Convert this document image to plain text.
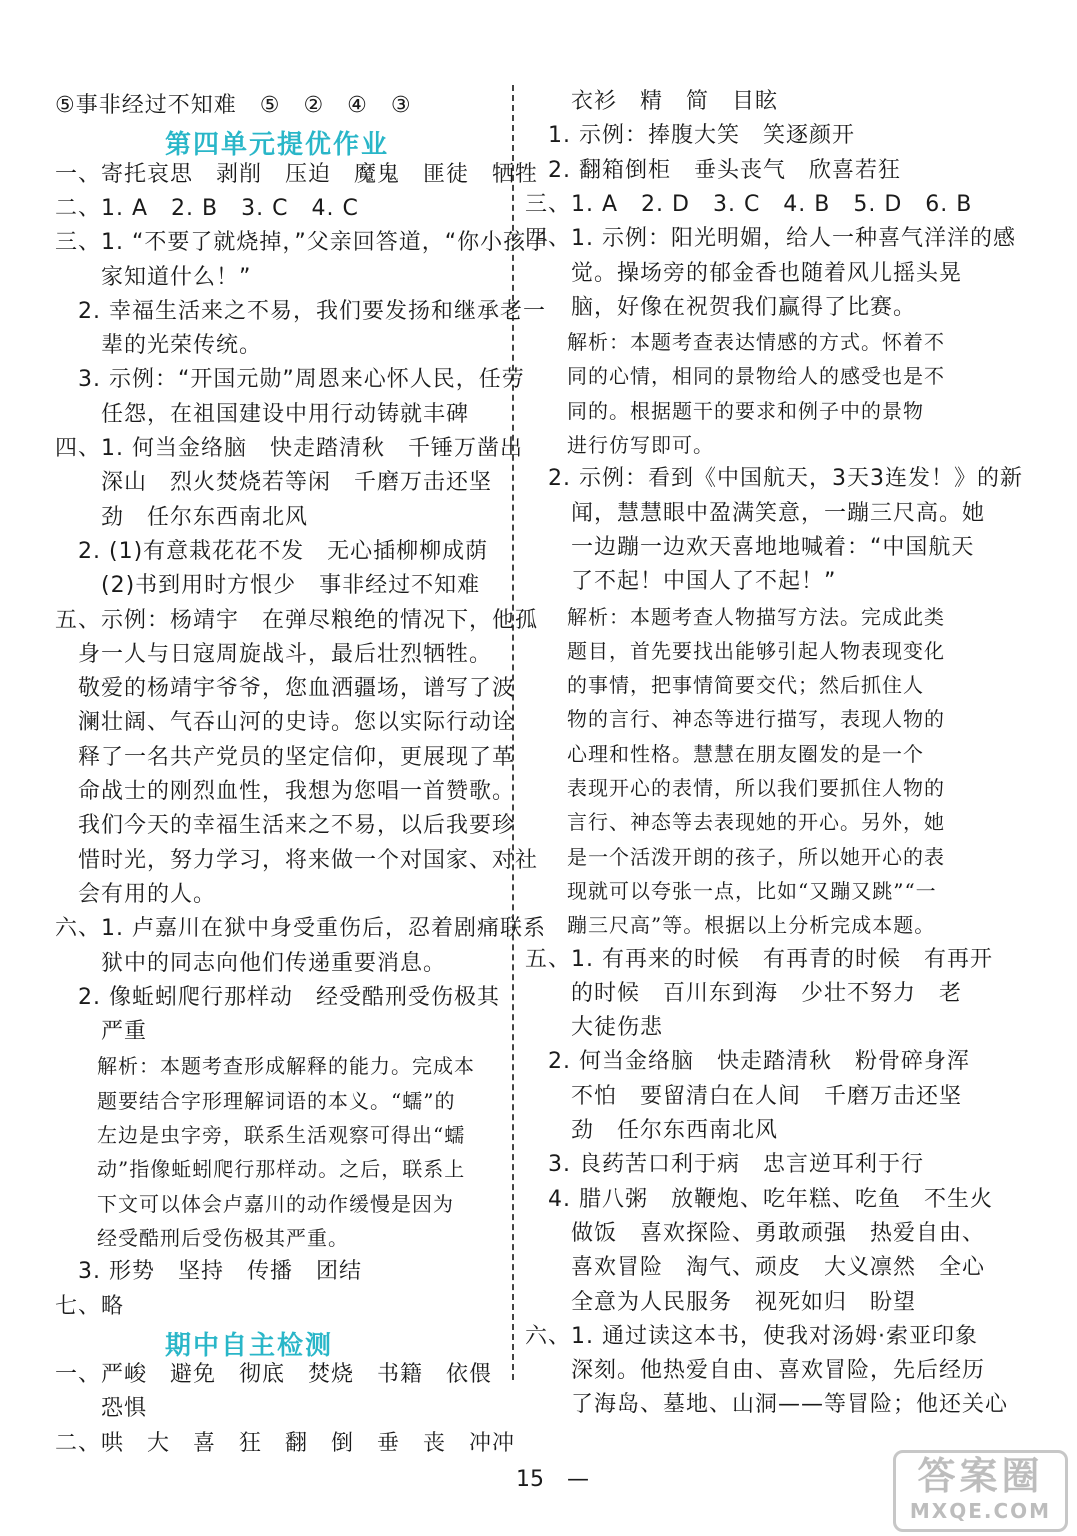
⑤事非经过不知难　⑤　②　④　③
第四单元提优作业
一、寄托哀思　剥削　压迫　魔鬼　匪徒　牺牲
二、1. A　2. B　3. C　4. C
三、1. “不要了就烧掉，”父亲回答道，“你小孩子
　　家知道什么！”
　2. 幸福生活来之不易，我们要发扬和继承老一
　　辈的光荣传统。
　3. 示例：“开国元勋”周恩来心怀人民，任劳
　　任怨，在祖国建设中用行动铸就丰碑
四、1. 何当金络脑　快走踏清秋　千锤万凿出
　　深山　烈火焚烧若等闲　千磨万击还坚
　　劲　任尔东西南北风
　2. (1)有意栽花花不发　无心插柳柳成荫
　　(2)书到用时方恨少　事非经过不知难
五、示例：杨靖宇　在弹尽粮绝的情况下，他孤
　身一人与日寇周旋战斗，最后壮烈牺牲。
　敬爱的杨靖宇爷爷，您血洒疆场，谱写了波
　澜壮阔、气吞山河的史诗。您以实际行动诠
　释了一名共产党员的坚定信仰，更展现了革
　命战士的刚烈血性，我想为您唱一首赞歌。
　我们今天的幸福生活来之不易，以后我要珍
　惜时光，努力学习，将来做一个对国家、对社
　会有用的人。
六、1. 卢嘉川在狱中身受重伤后，忍着剧痛联系
　　狱中的同志向他们传递重要消息。
　2. 像蚯蚓爬行那样动　经受酷刑受伤极其
　　严重
　　解析：本题考查形成解释的能力。完成本
　　题要结合字形理解词语的本义。“蠕”的
　　左边是虫字旁，联系生活观察可得出“蠕
　　动”指像蚯蚓爬行那样动。之后，联系上
　　下文可以体会卢嘉川的动作缓慢是因为
　　经受酷刑后受伤极其严重。
　3. 形势　坚持　传播　团结
七、略
期中自主检测
一、严峻　避免　彻底　焚烧　书籍　依偎
　　恐惧
二、哄　大　喜　狂　翻　倒　垂　丧　冲冲
　　衣衫　精　简　目眩
　1. 示例：捧腹大笑　笑逐颜开
　2. 翻箱倒柜　垂头丧气　欣喜若狂
三、1. A　2. D　3. C　4. B　5. D　6. B
四、1. 示例：阳光明媚，给人一种喜气洋洋的感
　　觉。操场旁的郁金香也随着风儿摇头晃
　　脑，好像在祝贺我们赢得了比赛。
　　解析：本题考查表达情感的方式。怀着不
　　同的心情，相同的景物给人的感受也是不
　　同的。根据题干的要求和例子中的景物
　　进行仿写即可。
　2. 示例：看到《中国航天，3天3连发！》的新
　　闻，慧慧眼中盈满笑意，一蹦三尺高。她
　　一边蹦一边欢天喜地地喊着：“中国航天
　　了不起！中国人了不起！”
　　解析：本题考查人物描写方法。完成此类
　　题目，首先要找出能够引起人物表现变化
　　的事情，把事情简要交代；然后抓住人
　　物的言行、神态等进行描写，表现人物的
　　心理和性格。慧慧在朋友圈发的是一个
　　表现开心的表情，所以我们要抓住人物的
　　言行、神态等去表现她的开心。另外，她
　　是一个活泼开朗的孩子，所以她开心的表
　　现就可以夸张一点，比如“又蹦又跳”“一
　　蹦三尺高”等。根据以上分析完成本题。
五、1. 有再来的时候　有再青的时候　有再开
　　的时候　百川东到海　少壮不努力　老
　　大徒伤悲
　2. 何当金络脑　快走踏清秋　粉骨碎身浑
　　不怕　要留清白在人间　千磨万击还坚
　　劲　任尔东西南北风
　3. 良药苦口利于病　忠言逆耳利于行
　4. 腊八粥　放鞭炮、吃年糕、吃鱼　不生火
　　做饭　喜欢探险、勇敢顽强　热爱自由、
　　喜欢冒险　淘气、顽皮　大义凛然　全心
　　全意为人民服务　视死如归　盼望
六、1. 通过读这本书，使我对汤姆·索亚印象
　　深刻。他热爱自由、喜欢冒险，先后经历
　　了海岛、墓地、山洞——等冒险；他还关心
15 —	答案圈
MXQE.COM
